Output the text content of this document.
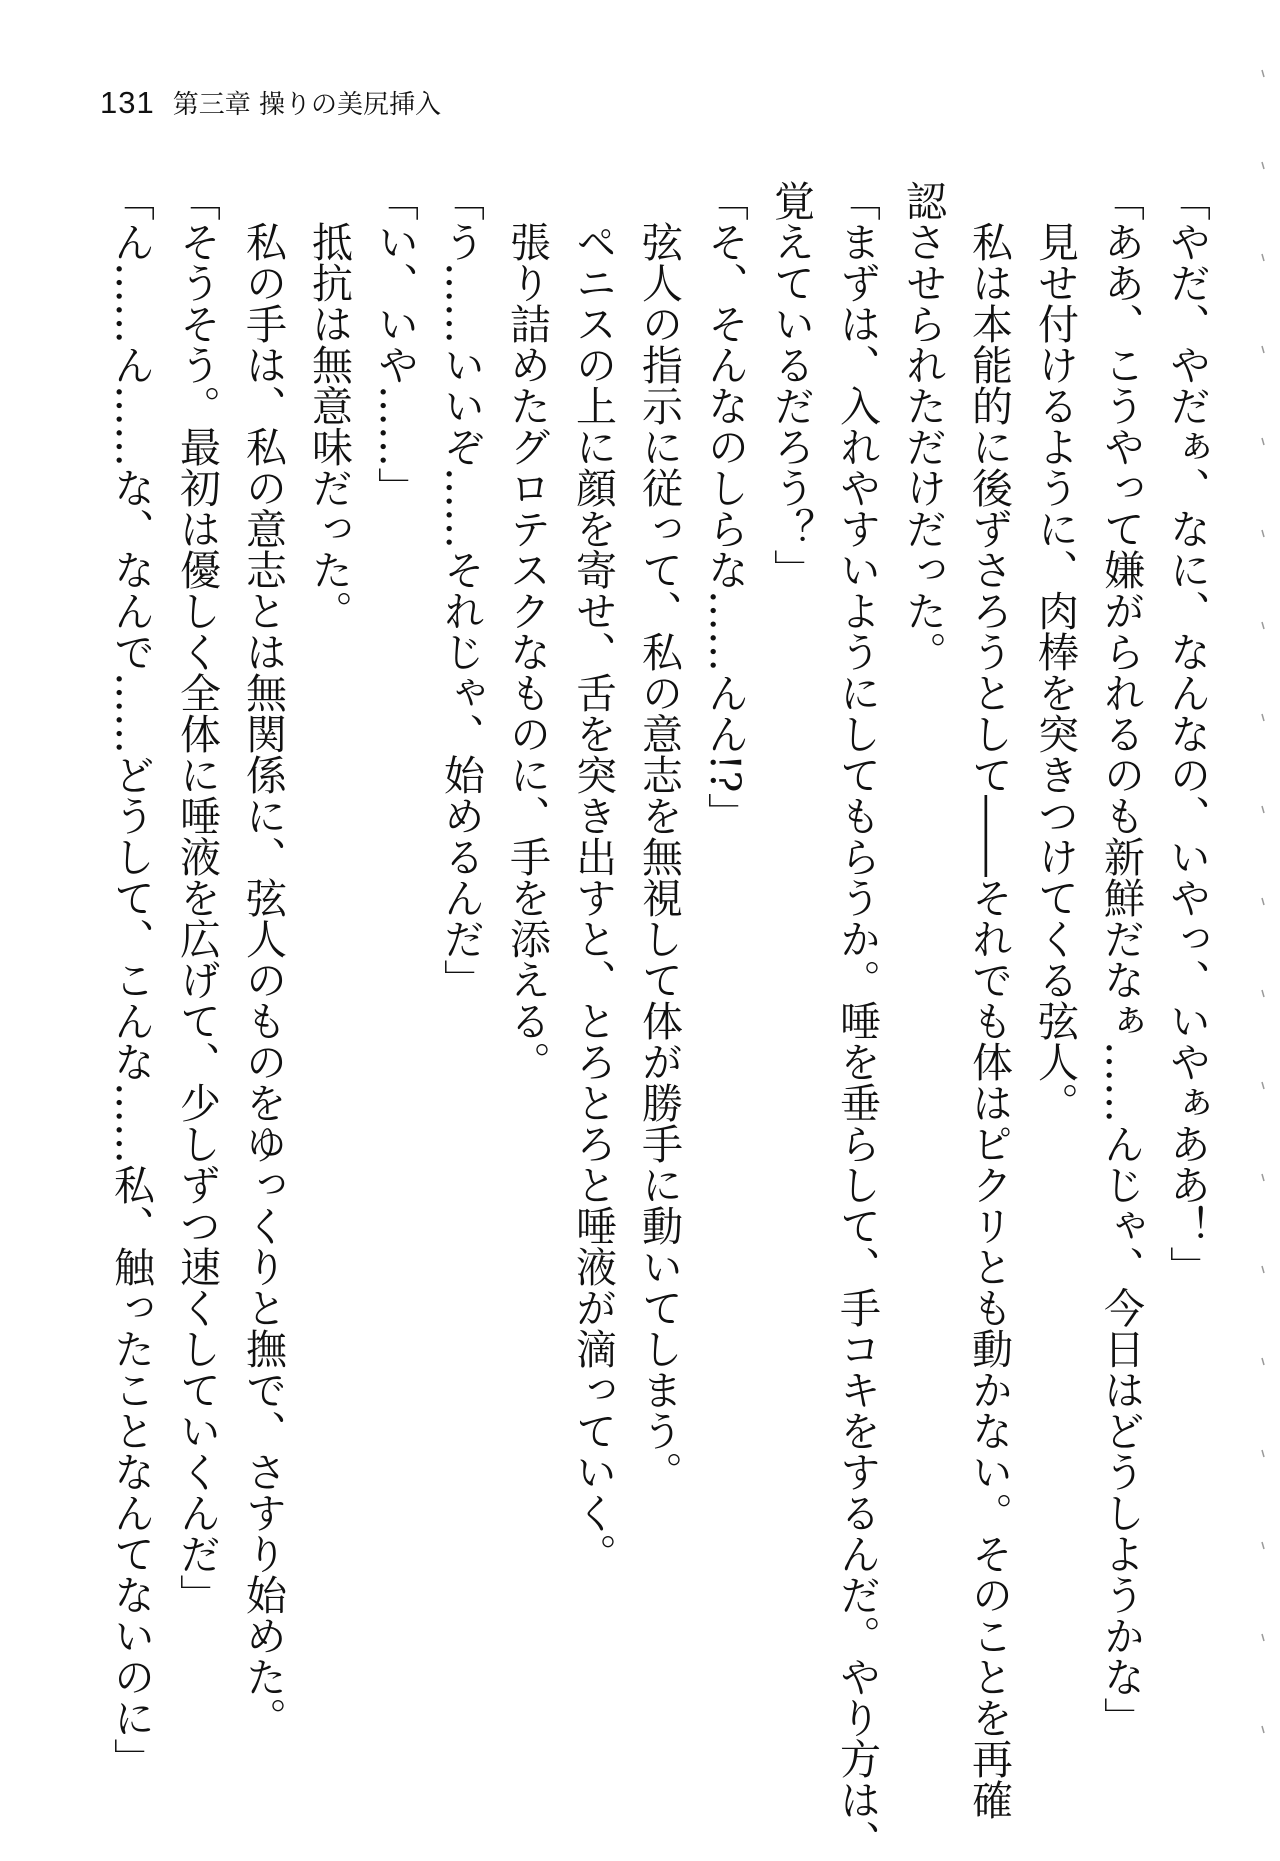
131 第三章 操りの美尻挿入
「やだ、やだぁ、なに、なんなの、いやっ、いやぁああ！」
「ああ、こうやって嫌がられるのも新鮮だなぁ……んじゃ、今日はどうしようかな」
見せ付けるように、肉棒を突きつけてくる弦人。
私は本能的に後ずさろうとして――それでも体はピクリとも動かない。そのことを再確
認させられただけだった。
「まずは、入れやすいようにしてもらうか。唾を垂らして、手コキをするんだ。やり方は、
覚えているだろう？」
「そ、そんなのしらな……んん!?」
弦人の指示に従って、私の意志を無視して体が勝手に動いてしまう。
ペニスの上に顔を寄せ、舌を突き出すと、とろとろと唾液が滴っていく。
張り詰めたグロテスクなものに、手を添える。
「う……いいぞ……それじゃ、始めるんだ」
「い、いや……」
抵抗は無意味だった。
私の手は、私の意志とは無関係に、弦人のものをゆっくりと撫で、さすり始めた。
「そうそう。最初は優しく全体に唾液を広げて、少しずつ速くしていくんだ」
「ん……ん……な、なんで……どうして、こんな……私、触ったことなんてないのに」
